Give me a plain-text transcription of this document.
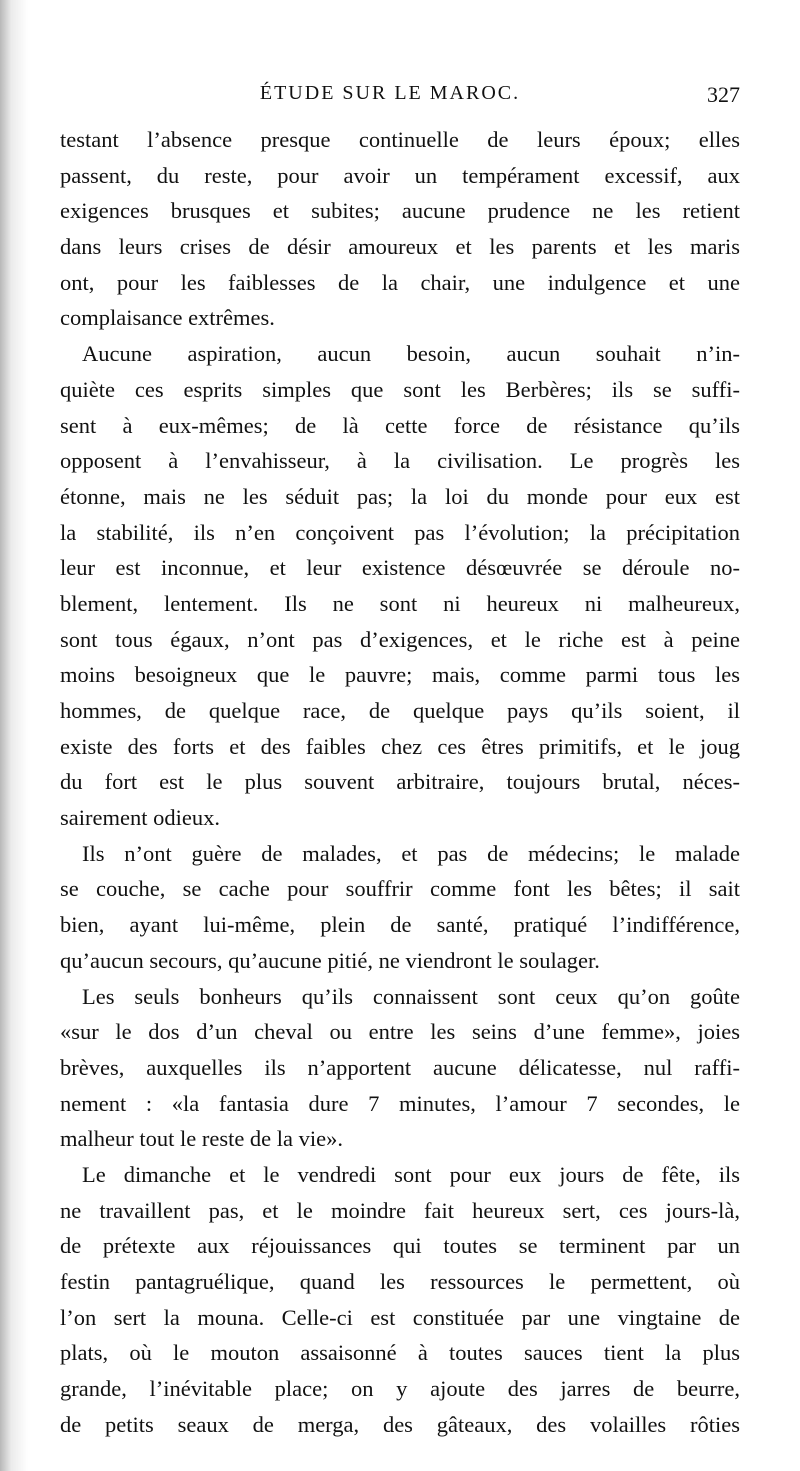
ÉTUDE SUR LE MAROC.	327
testant l’absence presque continuelle de leurs époux; elles
passent, du reste, pour avoir un tempérament excessif, aux
exigences brusques et subites; aucune prudence ne les retient
dans leurs crises de désir amoureux et les parents et les maris
ont, pour les faiblesses de la chair, une indulgence et une
complaisance extrêmes.
Aucune aspiration, aucun besoin, aucun souhait n’in-
quiète ces esprits simples que sont les Berbères; ils se suffi-
sent à eux-mêmes; de là cette force de résistance qu’ils
opposent à l’envahisseur, à la civilisation. Le progrès les
étonne, mais ne les séduit pas; la loi du monde pour eux est
la stabilité, ils n’en conçoivent pas l’évolution; la précipitation
leur est inconnue, et leur existence désœuvrée se déroule no-
blement, lentement. Ils ne sont ni heureux ni malheureux,
sont tous égaux, n’ont pas d’exigences, et le riche est à peine
moins besoigneux que le pauvre; mais, comme parmi tous les
hommes, de quelque race, de quelque pays qu’ils soient, il
existe des forts et des faibles chez ces êtres primitifs, et le joug
du fort est le plus souvent arbitraire, toujours brutal, néces-
sairement odieux.
Ils n’ont guère de malades, et pas de médecins; le malade
se couche, se cache pour souffrir comme font les bêtes; il sait
bien, ayant lui-même, plein de santé, pratiqué l’indifférence,
qu’aucun secours, qu’aucune pitié, ne viendront le soulager.
Les seuls bonheurs qu’ils connaissent sont ceux qu’on goûte
«sur le dos d’un cheval ou entre les seins d’une femme», joies
brèves, auxquelles ils n’apportent aucune délicatesse, nul raffi-
nement : «la fantasia dure 7 minutes, l’amour 7 secondes, le
malheur tout le reste de la vie».
Le dimanche et le vendredi sont pour eux jours de fête, ils
ne travaillent pas, et le moindre fait heureux sert, ces jours-là,
de prétexte aux réjouissances qui toutes se terminent par un
festin pantagruélique, quand les ressources le permettent, où
l’on sert la mouna. Celle-ci est constituée par une vingtaine de
plats, où le mouton assaisonné à toutes sauces tient la plus
grande, l’inévitable place; on y ajoute des jarres de beurre,
de petits seaux de merga, des gâteaux, des volailles rôties
